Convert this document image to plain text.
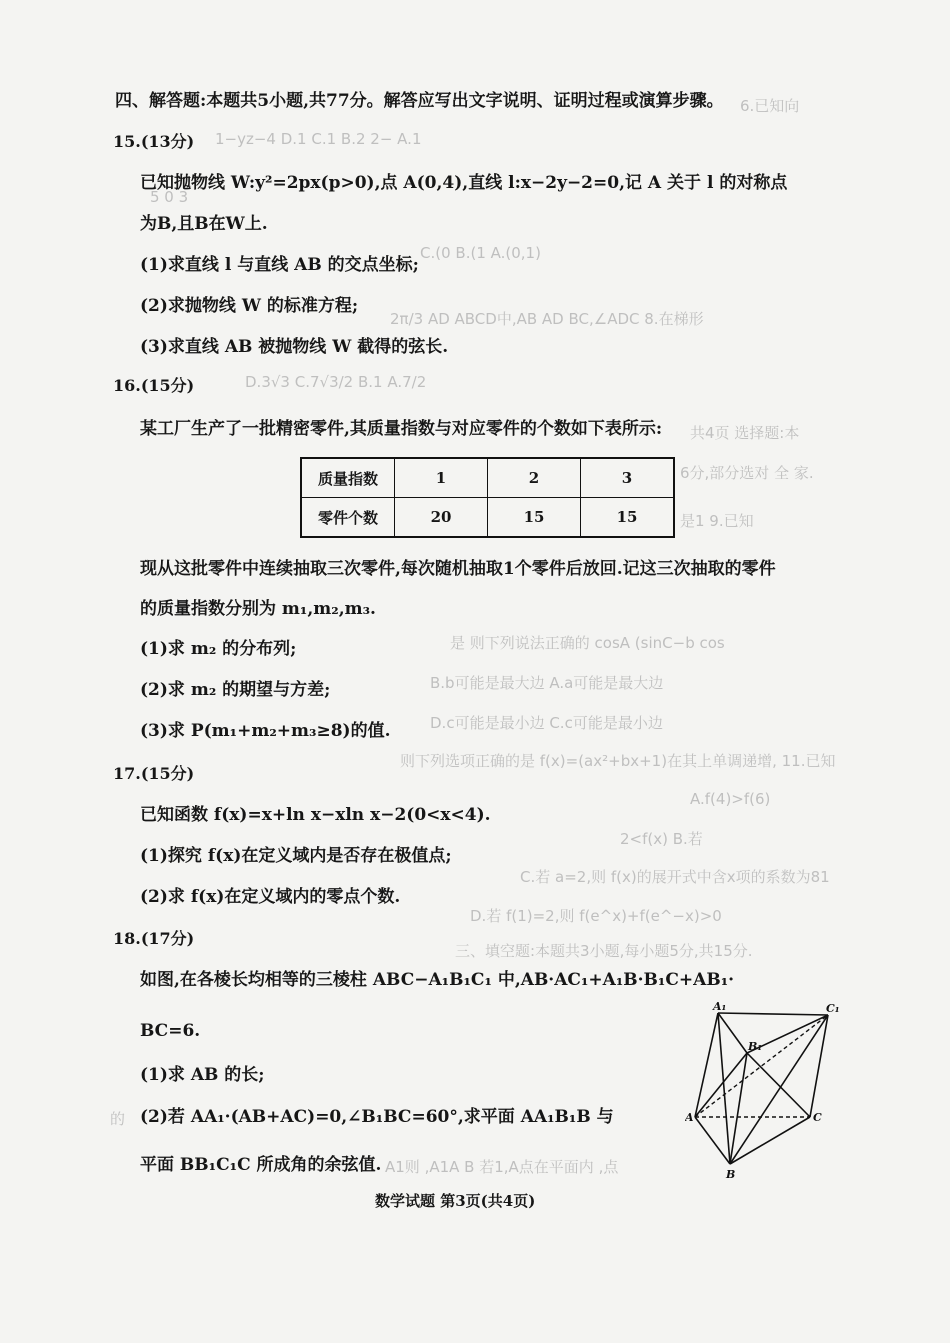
6.已知向
1−yz−4 D.1 C.1 B.2 2− A.1
5 0 3
C.(0 B.(1 A.(0,1)
2π/3 AD ABCD中,AB AD BC,∠ADC 8.在梯形
D.3√3 C.7√3/2 B.1 A.7/2
共4页 选择题:本
6分,部分选对 全 家.
是1 9.已知
是 则下列说法正确的 cosA (sinC−b cos
B.b可能是最大边 A.a可能是最大边
D.c可能是最小边 C.c可能是最小边
则下列选项正确的是 f(x)=(ax²+bx+1)在其上单调递增, 11.已知
A.f(4)>f(6)
2<f(x) B.若
C.若 a=2,则 f(x)的展开式中含x项的系数为81
D.若 f(1)=2,则 f(e^x)+f(e^−x)>0
三、填空题:本题共3小题,每小题5分,共15分.
的
A1则 ,A1A B 若1,A点在平面内 ,点
四、解答题:本题共5小题,共77分。解答应写出文字说明、证明过程或演算步骤。
15.(13分)
已知抛物线 W:y²=2px(p>0),点 A(0,4),直线 l:x−2y−2=0,记 A 关于 l 的对称点
为B,且B在W上.
(1)求直线 l 与直线 AB 的交点坐标;
(2)求抛物线 W 的标准方程;
(3)求直线 AB 被抛物线 W 截得的弦长.
16.(15分)
某工厂生产了一批精密零件,其质量指数与对应零件的个数如下表所示:
质量指数	1	2	3
零件个数	20	15	15
现从这批零件中连续抽取三次零件,每次随机抽取1个零件后放回.记这三次抽取的零件
的质量指数分别为 m₁,m₂,m₃.
(1)求 m₂ 的分布列;
(2)求 m₂ 的期望与方差;
(3)求 P(m₁+m₂+m₃≥8)的值.
17.(15分)
已知函数 f(x)=x+ln x−xln x−2(0<x<4).
(1)探究 f(x)在定义域内是否存在极值点;
(2)求 f(x)在定义域内的零点个数.
18.(17分)
如图,在各棱长均相等的三棱柱 ABC−A₁B₁C₁ 中,AB·AC₁+A₁B·B₁C+AB₁·
BC=6.
(1)求 AB 的长;
(2)若 AA₁·(AB+AC)=0,∠B₁BC=60°,求平面 AA₁B₁B 与
平面 BB₁C₁C 所成角的余弦值.
A₁	C₁
B₁
A	C
B
数学试题 第3页(共4页)
